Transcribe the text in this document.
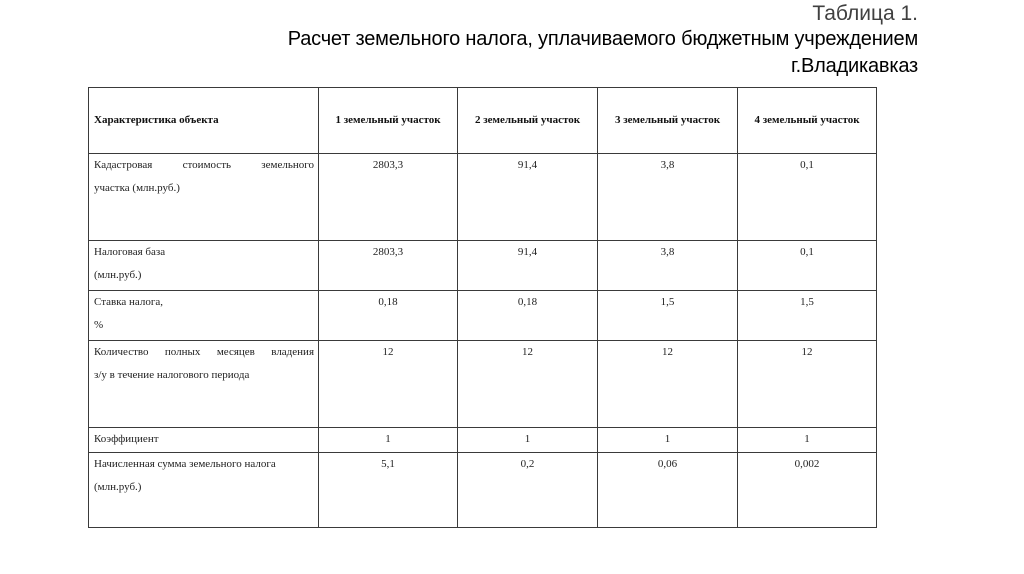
Таблица 1.
Расчет земельного налога, уплачиваемого бюджетным учреждением
г.Владикавказ
Характеристика объекта	1 земельный участок	2 земельный участок	3 земельный участок	4 земельный участок

Кадастровая стоимость земельного
участка (млн.руб.)	2803,3	91,4	3,8	0,1

Налоговая база
(млн.руб.)	2803,3	91,4	3,8	0,1

Ставка налога,
%	0,18	0,18	1,5	1,5

Количество полных месяцев владения
з/у в течение налогового периода	12	12	12	12

Коэффициент	1	1	1	1

Начисленная сумма земельного налога
(млн.руб.)	5,1	0,2	0,06	0,002
